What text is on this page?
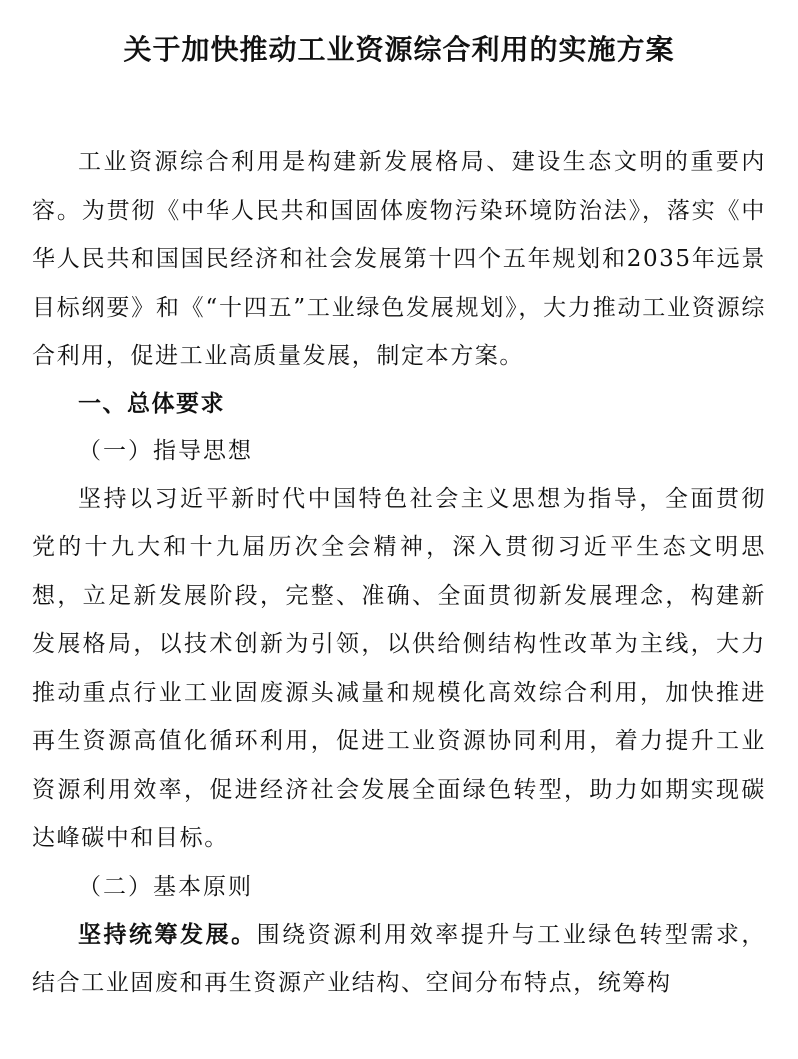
关于加快推动工业资源综合利用的实施方案

工业资源综合利用是构建新发展格局、建设生态文明的重要内容。为贯彻《中华人民共和国固体废物污染环境防治法》，落实《中华人民共和国国民经济和社会发展第十四个五年规划和2035年远景目标纲要》和《“十四五”工业绿色发展规划》，大力推动工业资源综合利用，促进工业高质量发展，制定本方案。

一、总体要求

（一）指导思想

坚持以习近平新时代中国特色社会主义思想为指导，全面贯彻党的十九大和十九届历次全会精神，深入贯彻习近平生态文明思想，立足新发展阶段，完整、准确、全面贯彻新发展理念，构建新发展格局，以技术创新为引领，以供给侧结构性改革为主线，大力推动重点行业工业固废源头减量和规模化高效综合利用，加快推进再生资源高值化循环利用，促进工业资源协同利用，着力提升工业资源利用效率，促进经济社会发展全面绿色转型，助力如期实现碳达峰碳中和目标。

（二）基本原则

坚持统筹发展。围绕资源利用效率提升与工业绿色转型需求，结合工业固废和再生资源产业结构、空间分布特点，统筹构
